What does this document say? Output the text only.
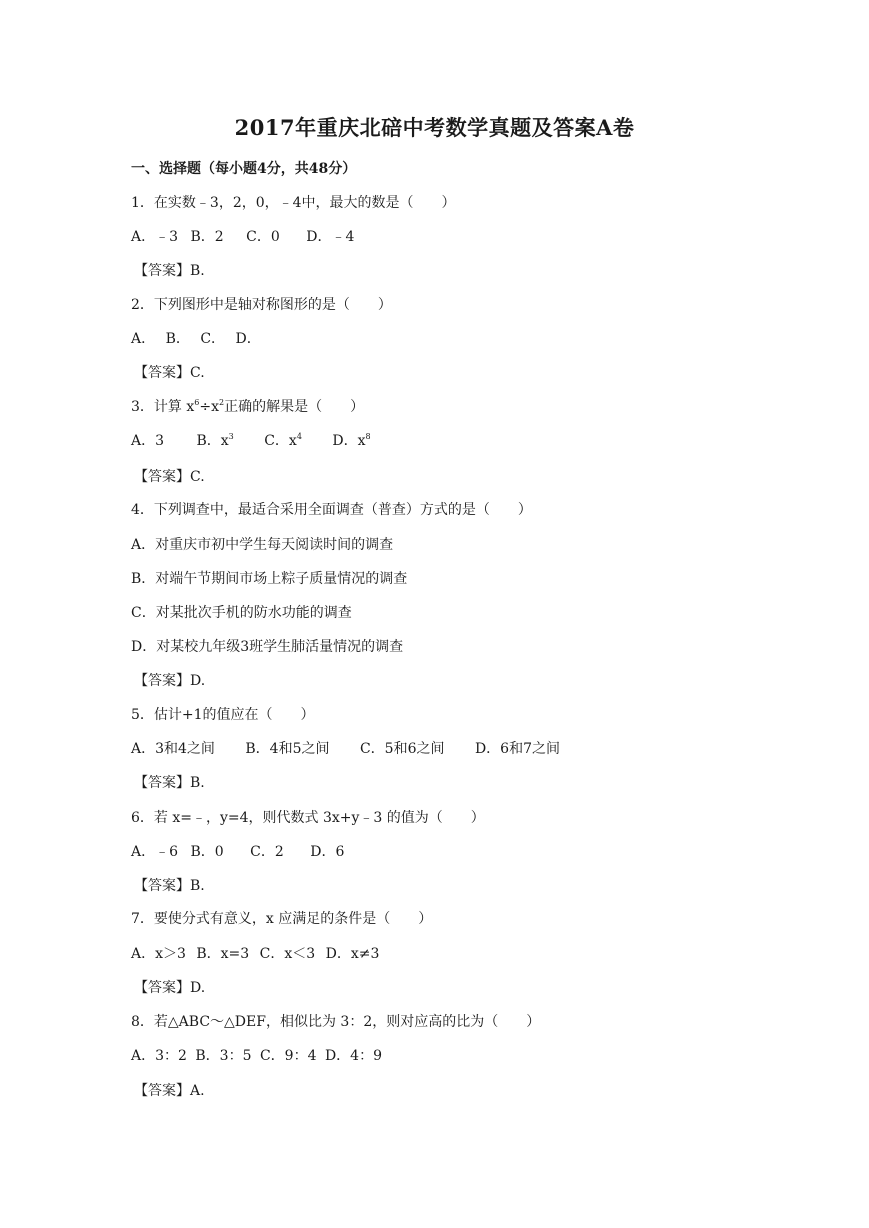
2017年重庆北碚中考数学真题及答案A卷
一、选择题（每小题4分，共48分）
1．在实数﹣3，2，0，﹣4中，最大的数是（　　）
A．﹣3 B．2 C．0 D．﹣4
【答案】B.
2．下列图形中是轴对称图形的是（　　）
A． B． C． D．
【答案】C.
3．计算 $x^6\div x^2$正确的解果是（　　）
A．3 B．$x^3$ C．$x^4$ D．$x^8$
【答案】C.
4．下列调查中，最适合采用全面调查（普查）方式的是（　　）
A．对重庆市初中学生每天阅读时间的调查
B．对端午节期间市场上粽子质量情况的调查
C．对某批次手机的防水功能的调查
D．对某校九年级3班学生肺活量情况的调查
【答案】D.
5．估计+1的值应在（　　）
A．3和4之间 B．4和5之间 C．5和6之间 D．6和7之间
【答案】B.
6．若 x=﹣，y=4，则代数式 3x+y﹣3 的值为（　　）
A．﹣6 B．0 C．2 D．6
【答案】B.
7．要使分式有意义，x 应满足的条件是（　　）
A．x＞3 B．x=3 C．x＜3 D．x≠3
【答案】D.
8．若△ABC～△DEF，相似比为 3：2，则对应高的比为（　　）
A．3：2 B．3：5 C．9：4 D．4：9
【答案】A.
